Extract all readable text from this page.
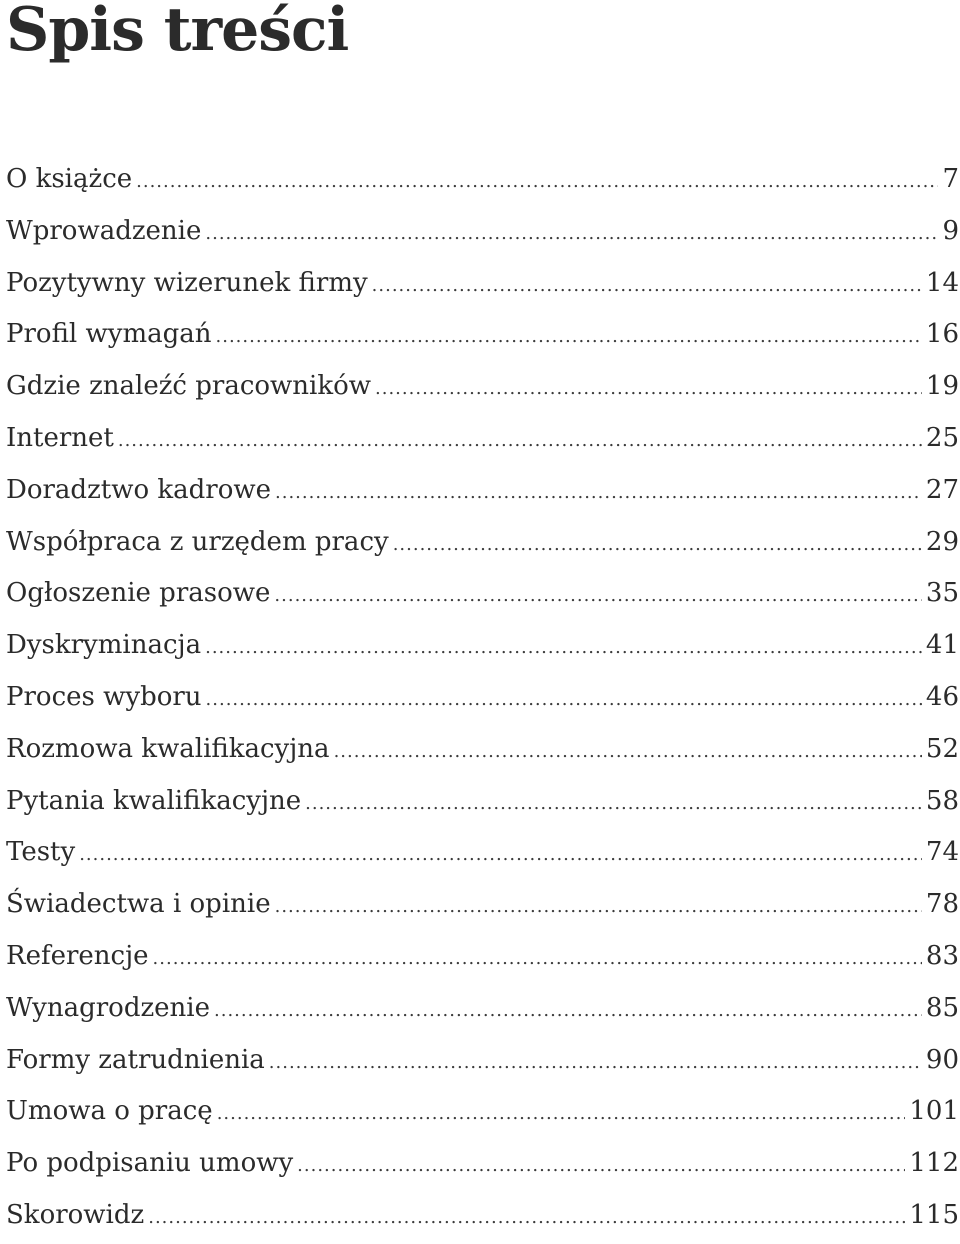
Spis treści
O książce .....	7
Wprowadzenie .....	9
Pozytywny wizerunek firmy .....	14
Profil wymagań .....	16
Gdzie znaleźć pracowników .....	19
Internet .....	25
Doradztwo kadrowe .....	27
Współpraca z urzędem pracy .....	29
Ogłoszenie prasowe .....	35
Dyskryminacja .....	41
Proces wyboru .....	46
Rozmowa kwalifikacyjna .....	52
Pytania kwalifikacyjne .....	58
Testy .....	74
Świadectwa i opinie .....	78
Referencje .....	83
Wynagrodzenie .....	85
Formy zatrudnienia .....	90
Umowa o pracę .....	101
Po podpisaniu umowy .....	112
Skorowidz .....	115
